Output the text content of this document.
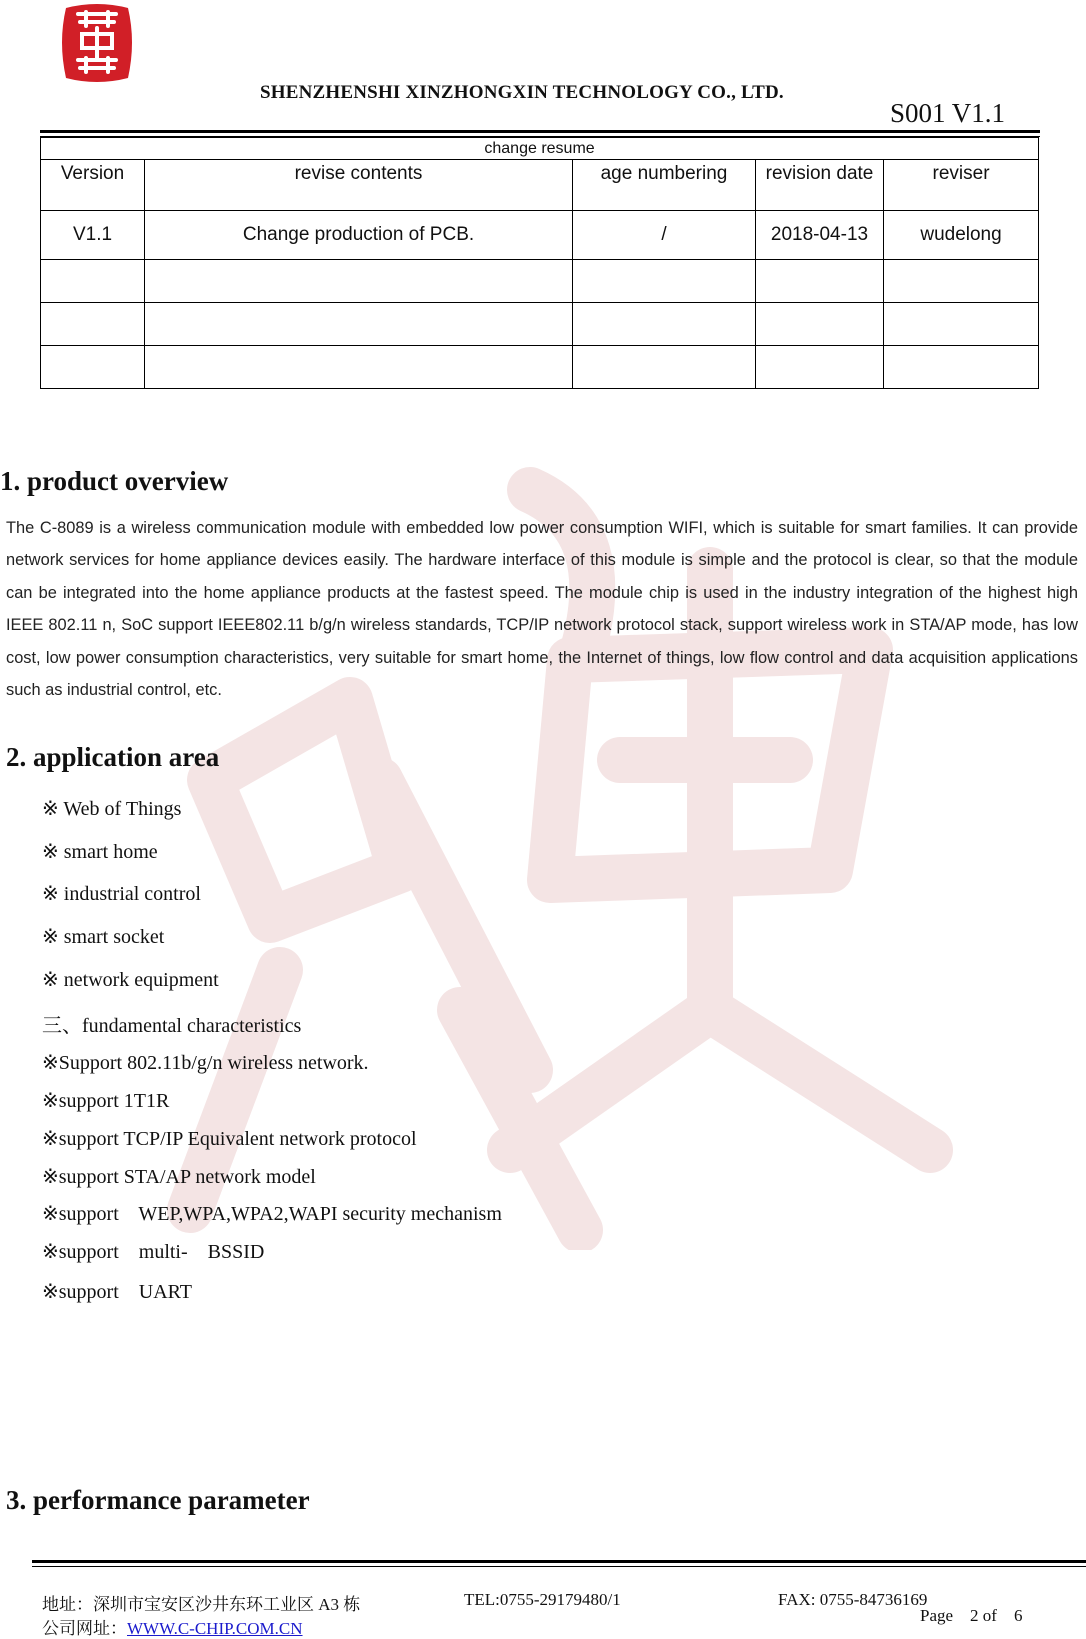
SHENZHENSHI XINZHONGXIN TECHNOLOGY CO., LTD.
S001 V1.1
change resume				
Version	revise contents	age numbering	revision date	reviser
V1.1	Change production of PCB.	/	2018-04-13	wudelong

1. product overview

The C-8089 is a wireless communication module with embedded low power consumption WIFI, which is suitable for smart families. It can provide network services for home appliance devices easily. The hardware interface of this module is simple and the protocol is clear, so that the module can be integrated into the home appliance products at the fastest speed. The module chip is used in the industry integration of the highest high IEEE 802.11 n, SoC support IEEE802.11 b/g/n wireless standards, TCP/IP network protocol stack, support wireless work in STA/AP mode, has low cost, low power consumption characteristics, very suitable for smart home, the Internet of things, low flow control and data acquisition applications such as industrial control, etc.

2. application area
※ Web of Things
※ smart home
※ industrial control
※ smart socket
※ network equipment
三、fundamental characteristics
※Support 802.11b/g/n wireless network.
※support 1T1R
※support TCP/IP Equivalent network protocol
※support STA/AP network model
※support    WEP,WPA,WPA2,WAPI security mechanism
※support    multi-    BSSID
※support    UART
3. performance parameter
地址：深圳市宝安区沙井东环工业区 A3 栋	TEL:0755-29179480/1	FAX: 0755-84736169
公司网址：WWW.C-CHIP.COM.CN
Page 2 of 6
